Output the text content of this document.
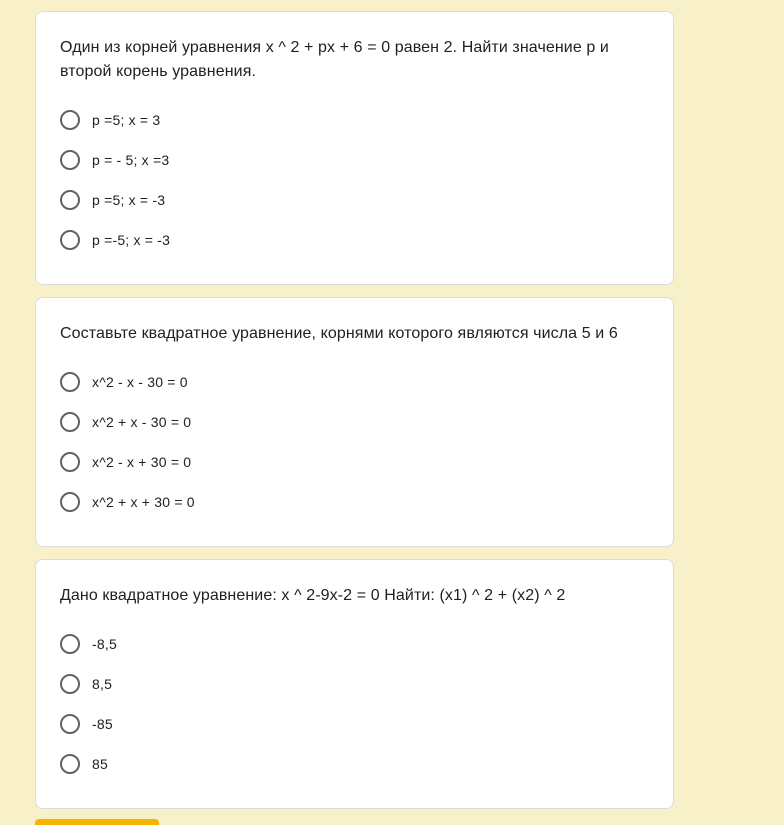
Один из корней уравнения x ^ 2 + px + 6 = 0 равен 2. Найти значение p и второй корень уравнения.
p =5; x = 3
p = - 5; x =3
p =5; x = -3
p =-5; x = -3
Составьте квадратное уравнение, корнями которого являются числа 5 и 6
x^2 - x - 30 = 0
x^2 + x - 30 = 0
x^2 - x + 30 = 0
x^2 + x + 30 = 0
Дано квадратное уравнение: x ^ 2-9x-2 = 0 Найти: (x1) ^ 2 + (x2) ^ 2
-8,5
8,5
-85
85
